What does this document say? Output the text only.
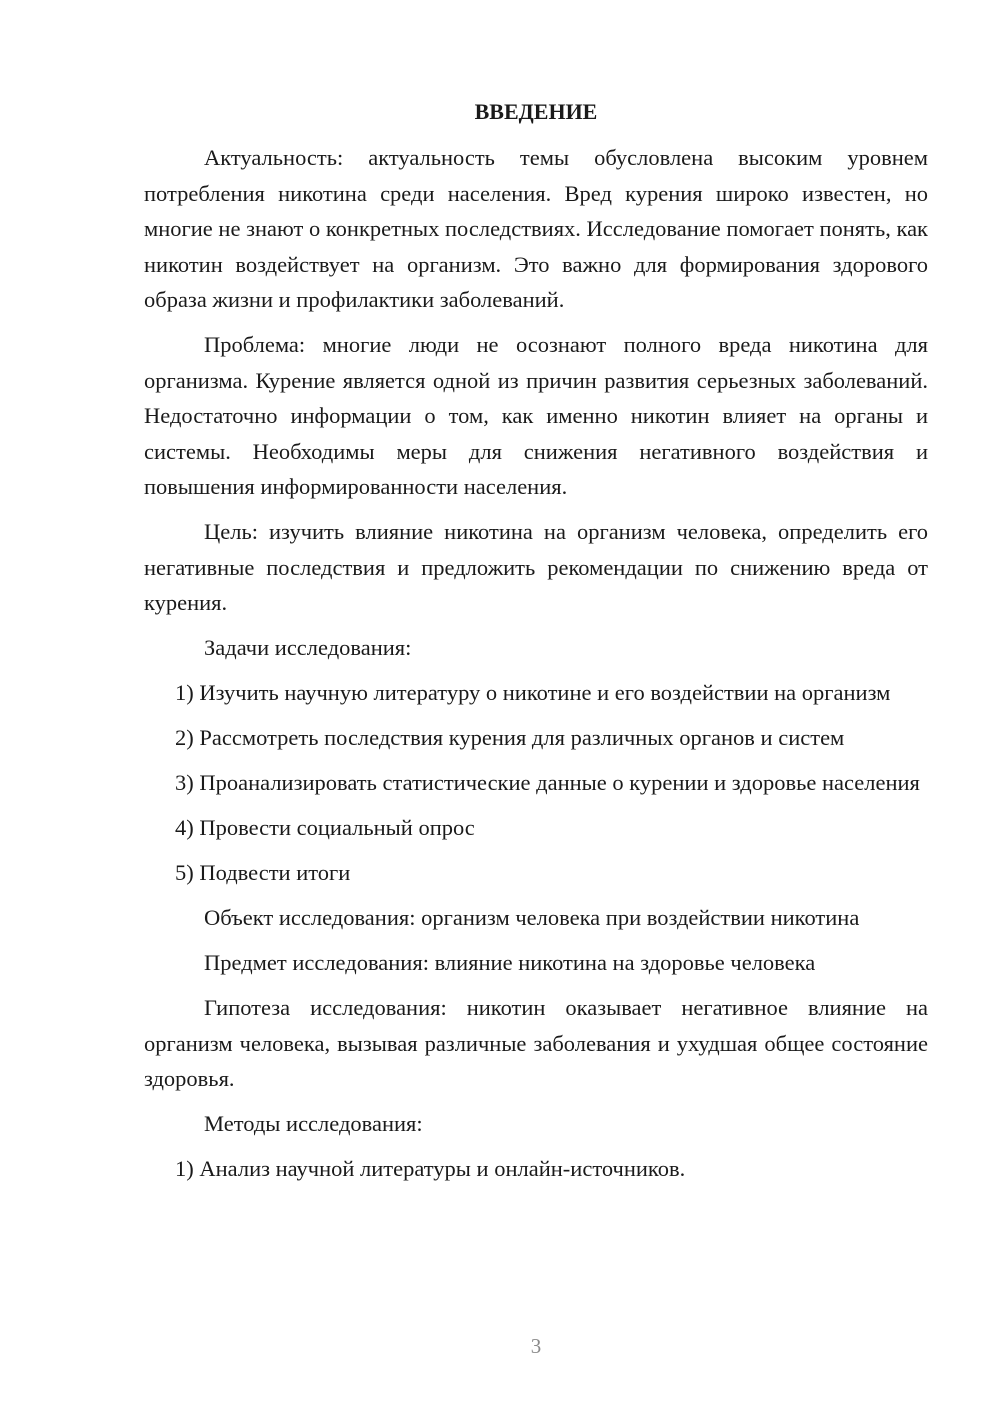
ВВЕДЕНИЕ

Актуальность: актуальность темы обусловлена высоким уровнем потребления никотина среди населения. Вред курения широко известен, но многие не знают о конкретных последствиях. Исследование помогает понять, как никотин воздействует на организм. Это важно для формирования здорового образа жизни и профилактики заболеваний.

Проблема: многие люди не осознают полного вреда никотина для организма. Курение является одной из причин развития серьезных заболеваний. Недостаточно информации о том, как именно никотин влияет на органы и системы. Необходимы меры для снижения негативного воздействия и повышения информированности населения.

Цель: изучить влияние никотина на организм человека, определить его негативные последствия и предложить рекомендации по снижению вреда от курения.

Задачи исследования:

1) Изучить научную литературу о никотине и его воздействии на организм

2) Рассмотреть последствия курения для различных органов и систем

3) Проанализировать статистические данные о курении и здоровье населения

4) Провести социальный опрос

5) Подвести итоги

Объект исследования: организм человека при воздействии никотина

Предмет исследования: влияние никотина на здоровье человека

Гипотеза исследования: никотин оказывает негативное влияние на организм человека, вызывая различные заболевания и ухудшая общее состояние здоровья.

Методы исследования:

1) Анализ научной литературы и онлайн-источников.

3
